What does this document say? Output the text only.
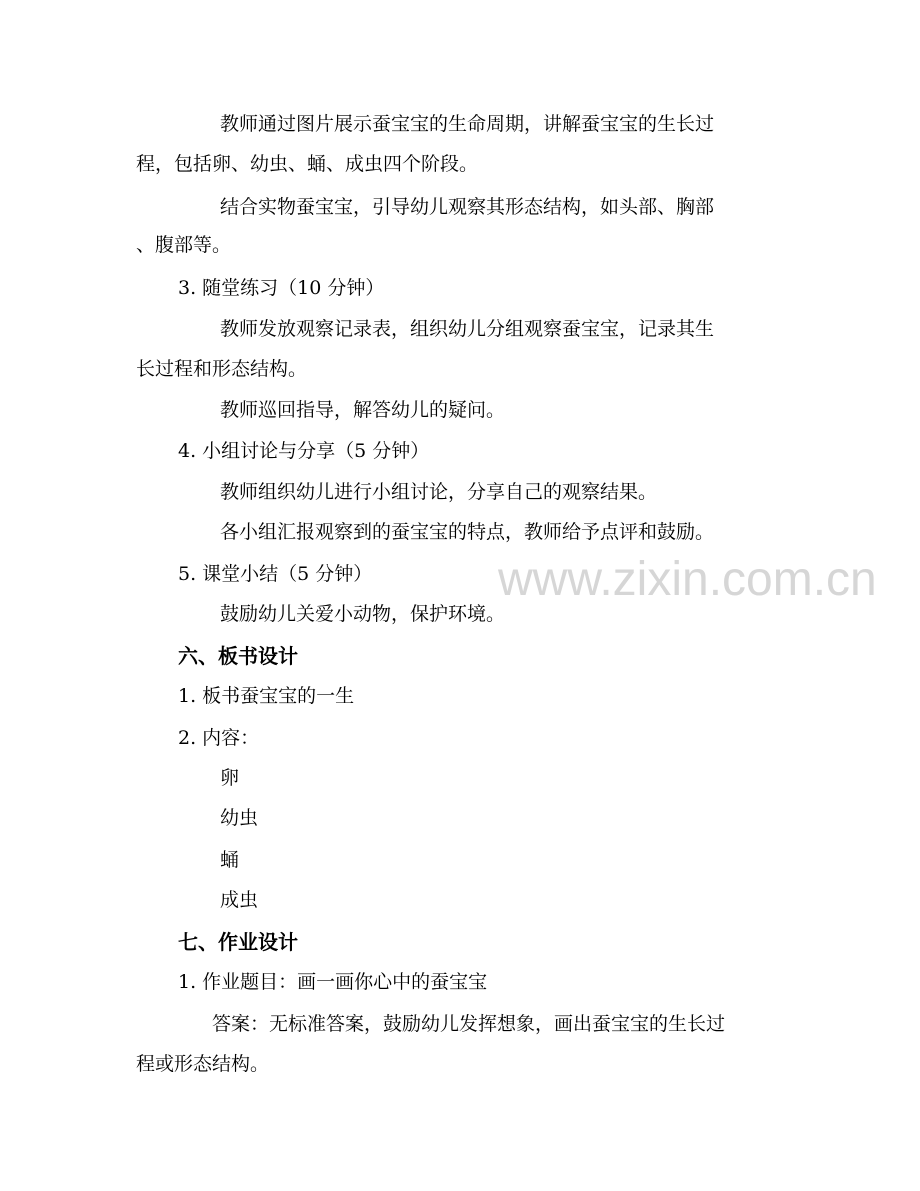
www.zixin.com.cn
教师通过图片展示蚕宝宝的生命周期，讲解蚕宝宝的生长过
程，包括卵、幼虫、蛹、成虫四个阶段。
结合实物蚕宝宝，引导幼儿观察其形态结构，如头部、胸部
、腹部等。
3. 随堂练习（10 分钟）
教师发放观察记录表，组织幼儿分组观察蚕宝宝，记录其生
长过程和形态结构。
教师巡回指导，解答幼儿的疑问。
4. 小组讨论与分享（5 分钟）
教师组织幼儿进行小组讨论，分享自己的观察结果。
各小组汇报观察到的蚕宝宝的特点，教师给予点评和鼓励。
5. 课堂小结（5 分钟）
鼓励幼儿关爱小动物，保护环境。
六、板书设计
1. 板书蚕宝宝的一生
2. 内容：
卵
幼虫
蛹
成虫
七、作业设计
1. 作业题目：画一画你心中的蚕宝宝
答案：无标准答案，鼓励幼儿发挥想象，画出蚕宝宝的生长过
程或形态结构。
